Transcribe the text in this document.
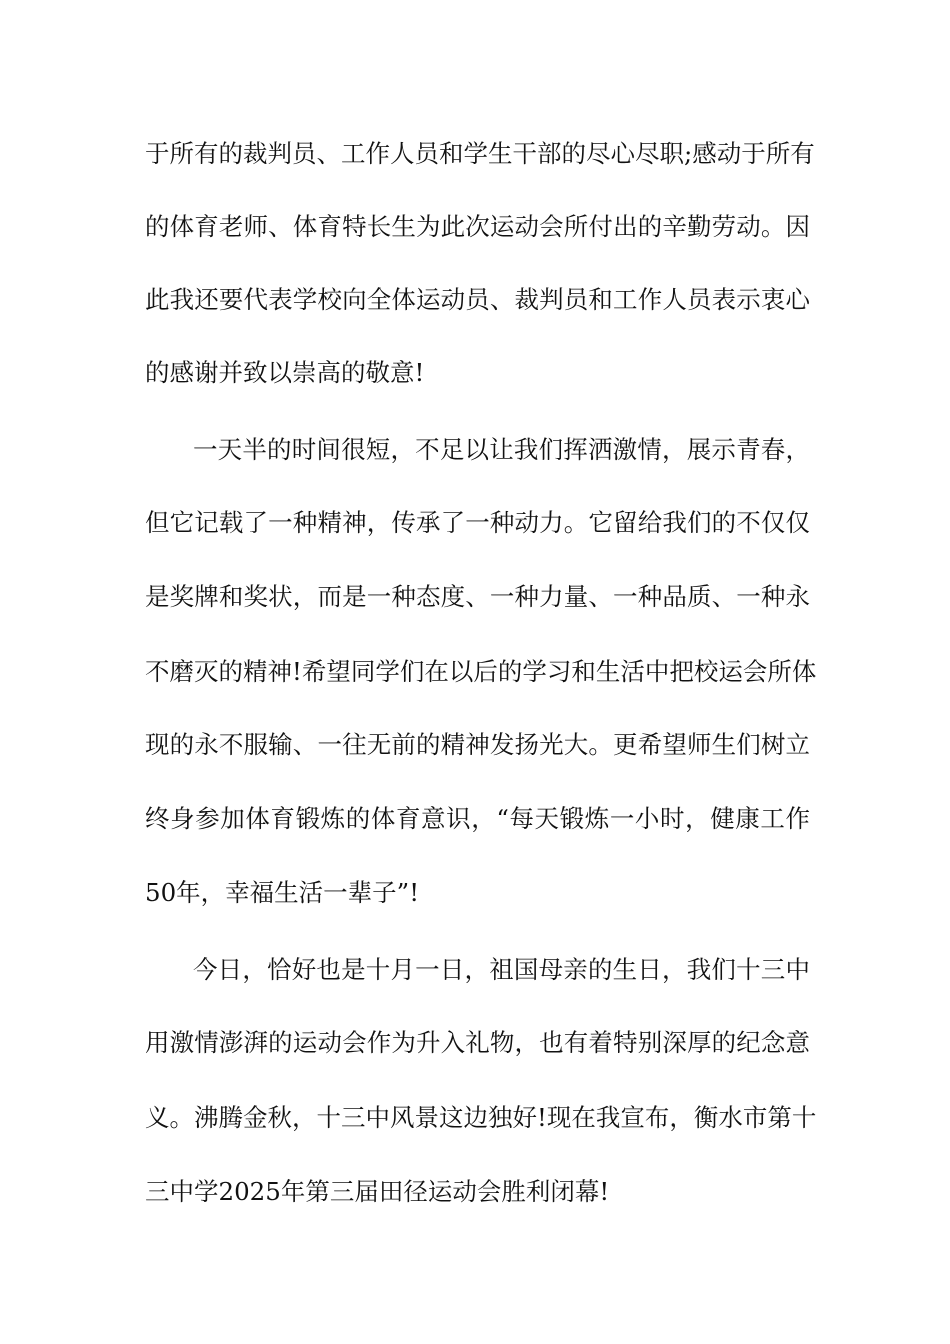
于所有的裁判员、工作人员和学生干部的尽心尽职;感动于所有
的体育老师、体育特长生为此次运动会所付出的辛勤劳动。因
此我还要代表学校向全体运动员、裁判员和工作人员表示衷心
的感谢并致以崇高的敬意!
一天半的时间很短，不足以让我们挥洒激情，展示青春，
但它记载了一种精神，传承了一种动力。它留给我们的不仅仅
是奖牌和奖状，而是一种态度、一种力量、一种品质、一种永
不磨灭的精神!希望同学们在以后的学习和生活中把校运会所体
现的永不服输、一往无前的精神发扬光大。更希望师生们树立
终身参加体育锻炼的体育意识，“每天锻炼一小时，健康工作
50年，幸福生活一辈子”!
今日，恰好也是十月一日，祖国母亲的生日，我们十三中
用激情澎湃的运动会作为升入礼物，也有着特别深厚的纪念意
义。沸腾金秋，十三中风景这边独好!现在我宣布，衡水市第十
三中学2025年第三届田径运动会胜利闭幕!
